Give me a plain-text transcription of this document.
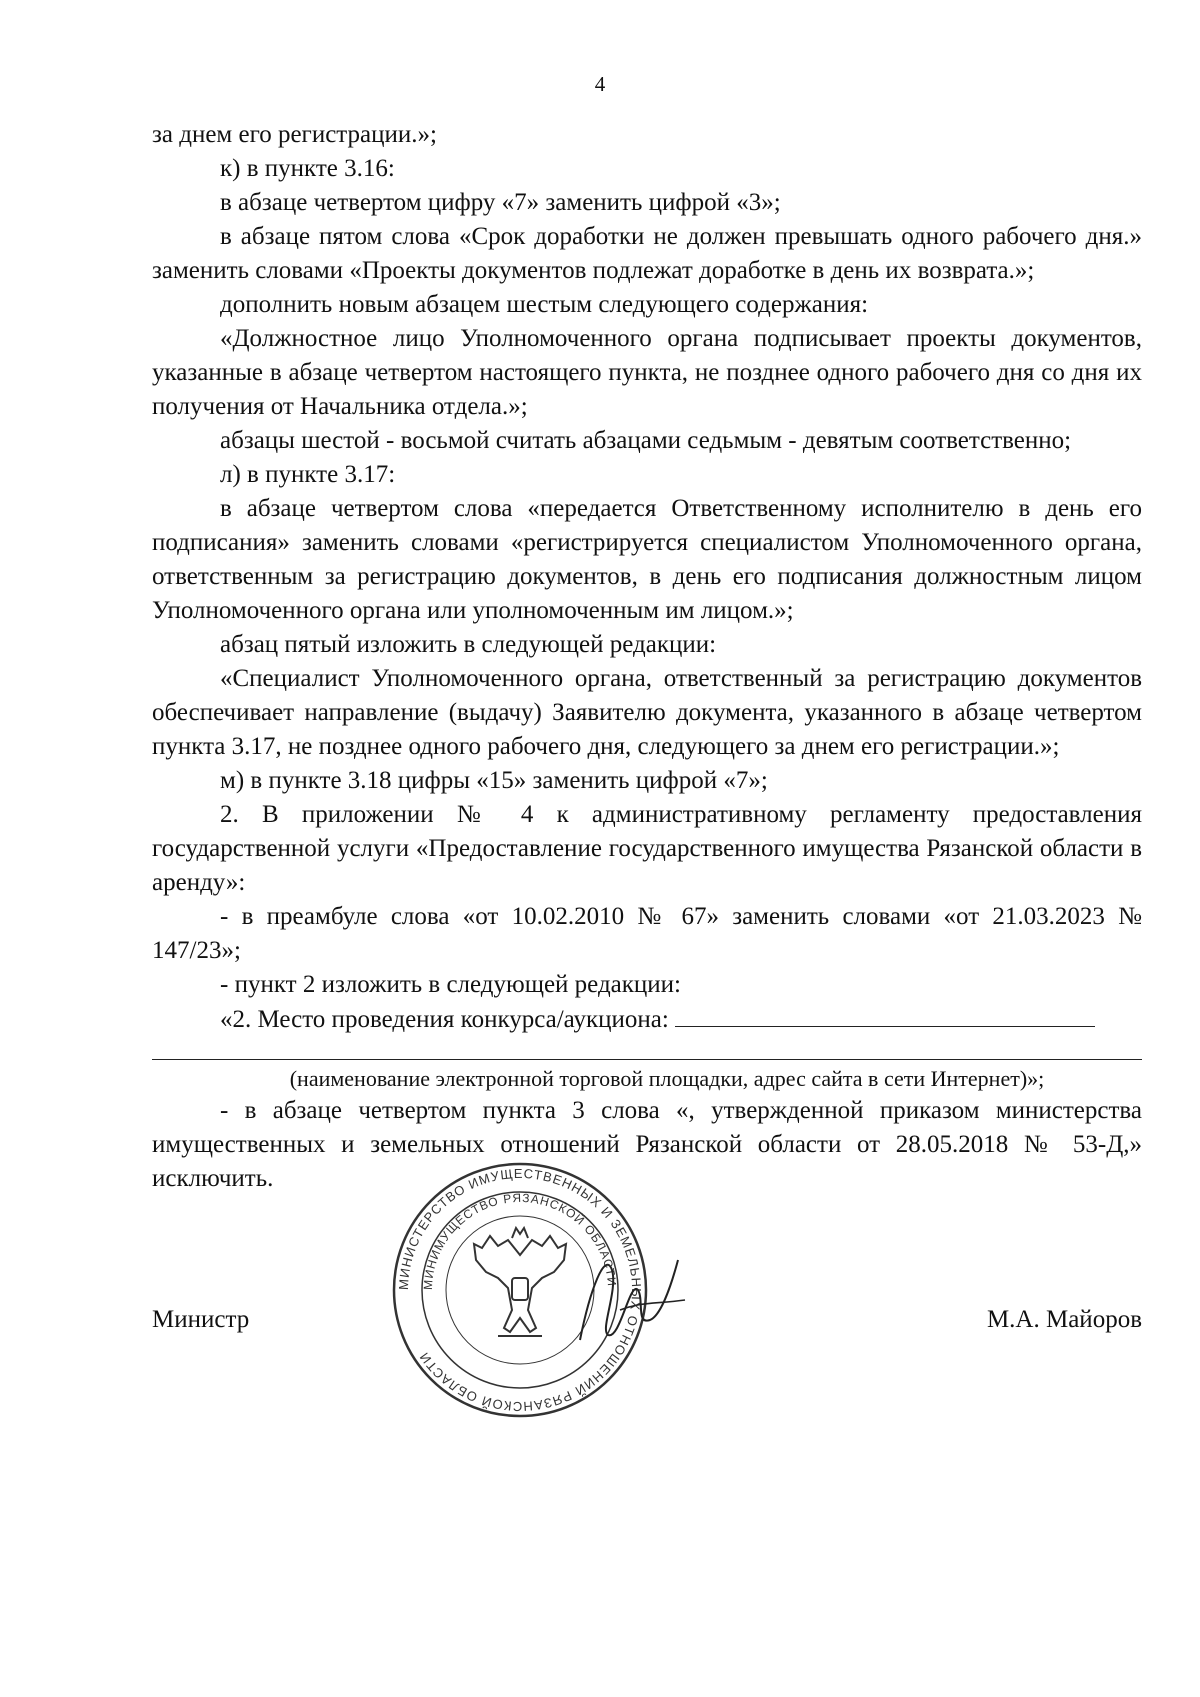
4

за днем его регистрации.»;

к) в пункте 3.16:

в абзаце четвертом цифру «7» заменить цифрой «3»;

в абзаце пятом слова «Срок доработки не должен превышать одного рабочего дня.» заменить словами «Проекты документов подлежат доработке в день их возврата.»;

дополнить новым абзацем шестым следующего содержания:

«Должностное лицо Уполномоченного органа подписывает проекты документов, указанные в абзаце четвертом настоящего пункта, не позднее одного рабочего дня со дня их получения от Начальника отдела.»;

абзацы шестой - восьмой считать абзацами седьмым - девятым соответственно;

л) в пункте 3.17:

в абзаце четвертом слова «передается Ответственному исполнителю в день его подписания» заменить словами «регистрируется специалистом Уполномоченного органа, ответственным за регистрацию документов, в день его подписания должностным лицом Уполномоченного органа или уполномоченным им лицом.»;

абзац пятый изложить в следующей редакции:

«Специалист Уполномоченного органа, ответственный за регистрацию документов обеспечивает направление (выдачу) Заявителю документа, указанного в абзаце четвертом пункта 3.17, не позднее одного рабочего дня, следующего за днем его регистрации.»;

м) в пункте 3.18 цифры «15» заменить цифрой «7»;

2. В приложении № 4 к административному регламенту предоставления государственной услуги «Предоставление государственного имущества Рязанской области в аренду»:

- в преамбуле слова «от 10.02.2010 № 67» заменить словами «от 21.03.2023 № 147/23»;

- пункт 2 изложить в следующей редакции:

«2. Место проведения конкурса/аукциона:

(наименование электронной торговой площадки, адрес сайта в сети Интернет)»;

- в абзаце четвертом пункта 3 слова «, утвержденной приказом министерства имущественных и земельных отношений Рязанской области от 28.05.2018 № 53-Д,» исключить.

Министр	М.А. Майоров
МИНИСТЕРСТВО ИМУЩЕСТВЕННЫХ И ЗЕМЕЛЬНЫХ ОТНОШЕНИЙ РЯЗАНСКОЙ ОБЛАСТИ
МИНИМУЩЕСТВО РЯЗАНСКОЙ ОБЛАСТИ
